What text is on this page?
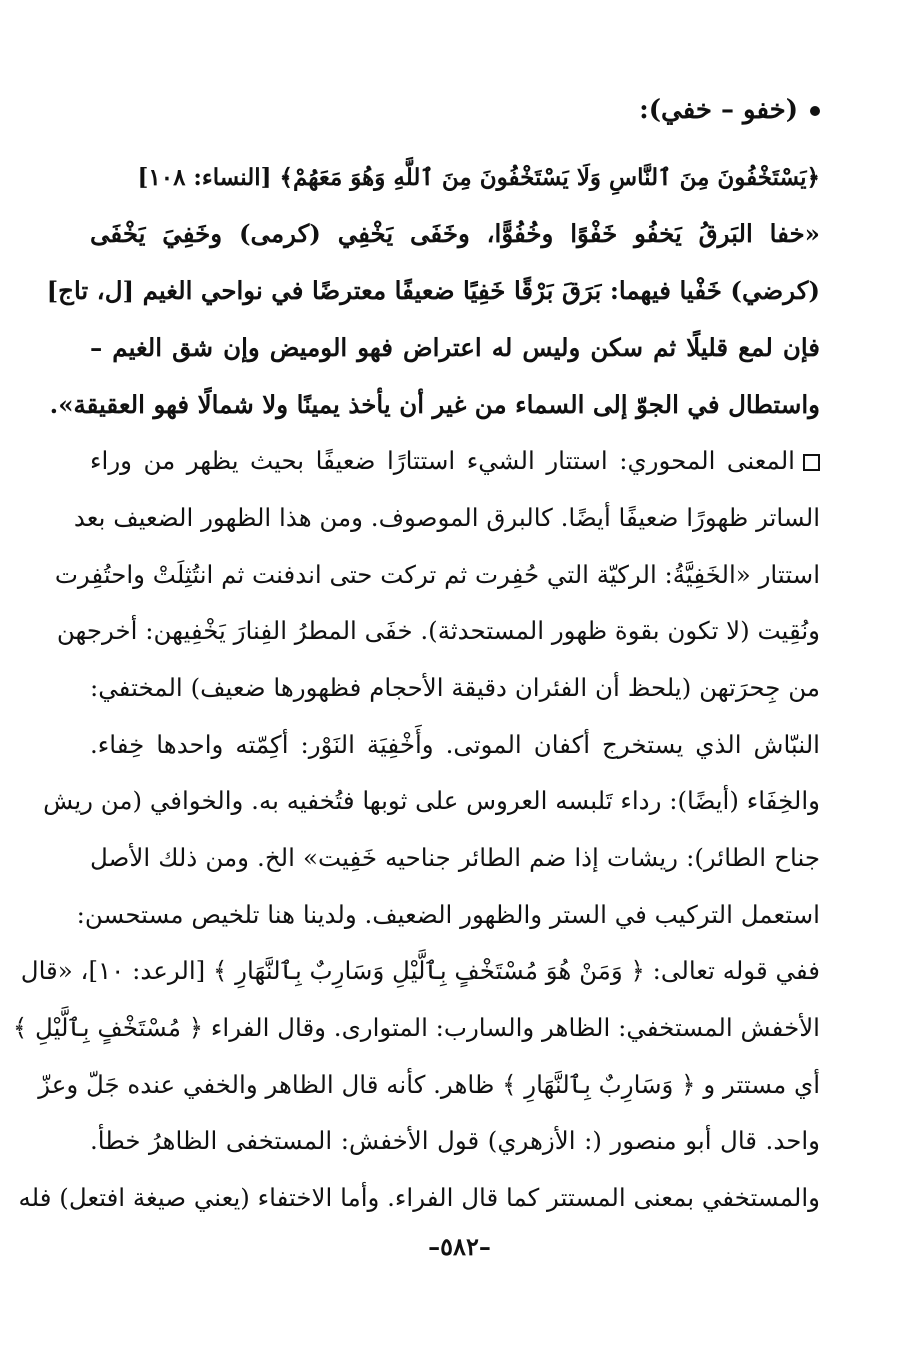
(خفو – خفي):
﴿يَسْتَخْفُونَ مِنَ ٱلنَّاسِ وَلَا يَسْتَخْفُونَ مِنَ ٱللَّهِ وَهُوَ مَعَهُمْ﴾ [النساء: ١٠٨]
«خفا البَرقُ يَخفُو خَفْوًا وخُفُوًّا، وخَفَى يَخْفِي (كرمى) وخَفِيَ يَخْفَى
(كرضي) خَفْيا فيهما: بَرَقَ بَرْقًا خَفِيًا ضعيفًا معترضًا في نواحي الغيم [ل، تاج]
فإن لمع قليلًا ثم سكن وليس له اعتراض فهو الوميض وإن شق الغيم –
واستطال في الجوّ إلى السماء من غير أن يأخذ يمينًا ولا شمالًا فهو العقيقة».
المعنى المحوري: استتار الشيء استتارًا ضعيفًا بحيث يظهر من وراء
الساتر ظهورًا ضعيفًا أيضًا. كالبرق الموصوف. ومن هذا الظهور الضعيف بعد
استتار «الخَفِيَّةُ: الركيّة التي حُفِرت ثم تركت حتى اندفنت ثم انتُثِلَتْ واحتُفِرت
ونُقِيت (لا تكون بقوة ظهور المستحدثة). خفَى المطرُ الفِنارَ يَخْفِيهن: أخرجهن
من جِحرَتهن (يلحظ أن الفئران دقيقة الأحجام فظهورها ضعيف) المختفي:
النبّاش الذي يستخرج أكفان الموتى. وأَخْفِيَة النَوْر: أكِمّته واحدها خِفاء.
والخِفَاء (أيضًا): رداء تَلبسه العروس على ثوبها فتُخفيه به. والخوافي (من ريش
جناح الطائر): ريشات إذا ضم الطائر جناحيه خَفِيت» الخ. ومن ذلك الأصل
استعمل التركيب في الستر والظهور الضعيف. ولدينا هنا تلخيص مستحسن:
ففي قوله تعالى: ﴿ وَمَنْ هُوَ مُسْتَخْفٍ بِٱلَّيْلِ وَسَارِبٌ بِٱلنَّهَارِ ﴾ [الرعد: ١٠]، «قال
الأخفش المستخفي: الظاهر والسارب: المتوارى. وقال الفراء ﴿ مُسْتَخْفٍ بِٱلَّيْلِ ﴾
أي مستتر و ﴿ وَسَارِبٌ بِٱلنَّهَارِ ﴾ ظاهر. كأنه قال الظاهر والخفي عنده جَلّ وعزّ
واحد. قال أبو منصور (: الأزهري) قول الأخفش: المستخفى الظاهرُ خطأ.
والمستخفي بمعنى المستتر كما قال الفراء. وأما الاختفاء (يعني صيغة افتعل) فله
–٥٨٢–
